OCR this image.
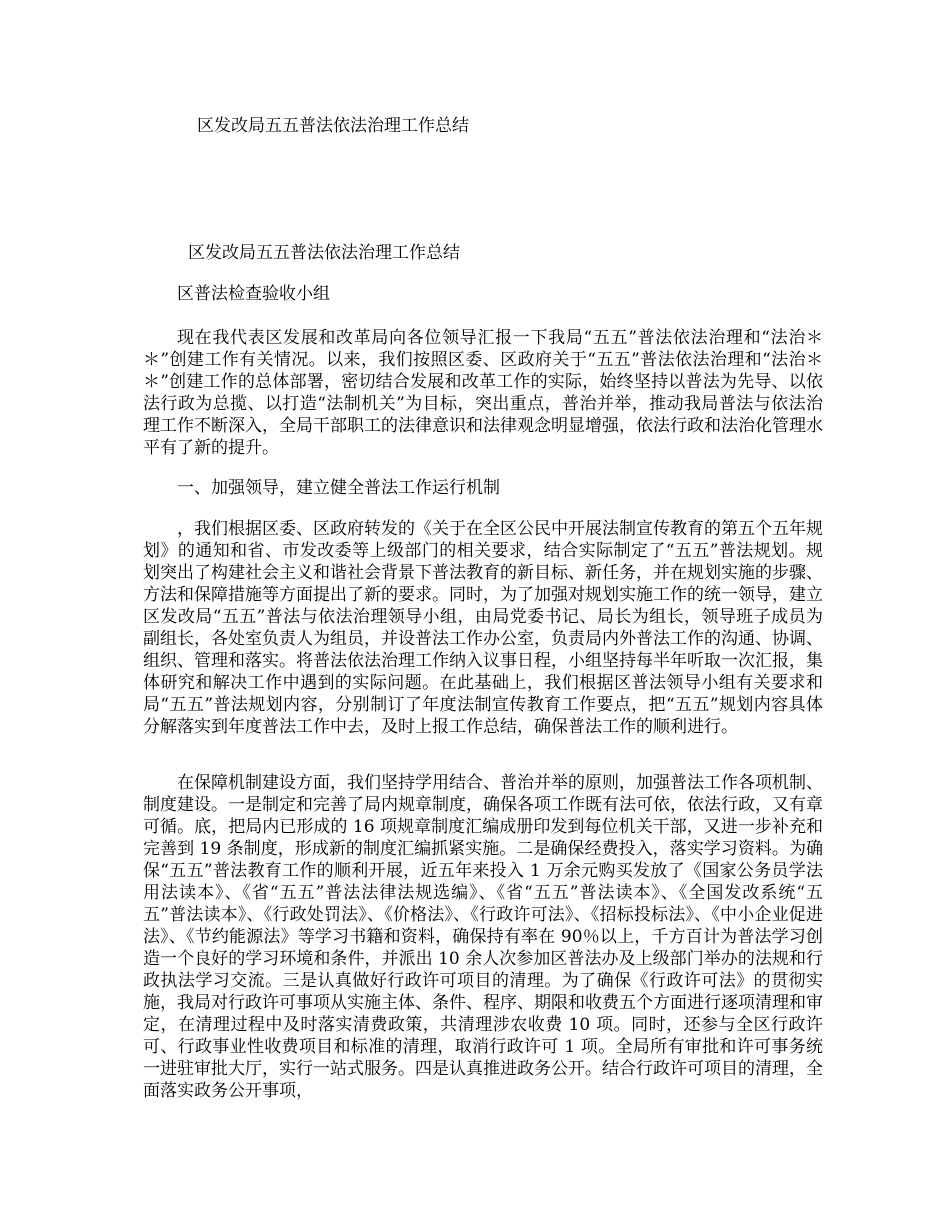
区发改局五五普法依法治理工作总结
区发改局五五普法依法治理工作总结
区普法检查验收小组

现在我代表区发展和改革局向各位领导汇报一下我局“五五”普法依法治理和“法治＊＊”创建工作有关情况。以来，我们按照区委、区政府关于“五五”普法依法治理和“法治＊＊”创建工作的总体部署，密切结合发展和改革工作的实际，始终坚持以普法为先导、以依法行政为总揽、以打造“法制机关”为目标，突出重点，普治并举，推动我局普法与依法治理工作不断深入，全局干部职工的法律意识和法律观念明显增强，依法行政和法治化管理水平有了新的提升。

一、加强领导，建立健全普法工作运行机制

，我们根据区委、区政府转发的《关于在全区公民中开展法制宣传教育的第五个五年规划》的通知和省、市发改委等上级部门的相关要求，结合实际制定了“五五”普法规划。规划突出了构建社会主义和谐社会背景下普法教育的新目标、新任务，并在规划实施的步骤、方法和保障措施等方面提出了新的要求。同时，为了加强对规划实施工作的统一领导，建立区发改局“五五”普法与依法治理领导小组，由局党委书记、局长为组长，领导班子成员为副组长，各处室负责人为组员，并设普法工作办公室，负责局内外普法工作的沟通、协调、组织、管理和落实。将普法依法治理工作纳入议事日程，小组坚持每半年听取一次汇报，集体研究和解决工作中遇到的实际问题。在此基础上，我们根据区普法领导小组有关要求和局“五五”普法规划内容，分别制订了年度法制宣传教育工作要点，把“五五”规划内容具体分解落实到年度普法工作中去，及时上报工作总结，确保普法工作的顺利进行。

在保障机制建设方面，我们坚持学用结合、普治并举的原则，加强普法工作各项机制、制度建设。一是制定和完善了局内规章制度，确保各项工作既有法可依，依法行政，又有章可循。底，把局内已形成的 16 项规章制度汇编成册印发到每位机关干部，又进一步补充和完善到 19 条制度，形成新的制度汇编抓紧实施。二是确保经费投入，落实学习资料。为确保“五五”普法教育工作的顺利开展，近五年来投入 1 万余元购买发放了《国家公务员学法用法读本》、《省“五五”普法法律法规选编》、《省“五五”普法读本》、《全国发改系统“五五”普法读本》、《行政处罚法》、《价格法》、《行政许可法》、《招标投标法》、《中小企业促进法》、《节约能源法》等学习书籍和资料，确保持有率在 90％以上，千方百计为普法学习创造一个良好的学习环境和条件，并派出 10 余人次参加区普法办及上级部门举办的法规和行政执法学习交流。三是认真做好行政许可项目的清理。为了确保《行政许可法》的贯彻实施，我局对行政许可事项从实施主体、条件、程序、期限和收费五个方面进行逐项清理和审定，在清理过程中及时落实清费政策，共清理涉农收费 10 项。同时，还参与全区行政许可、行政事业性收费项目和标准的清理，取消行政许可 1 项。全局所有审批和许可事务统一进驻审批大厅，实行一站式服务。四是认真推进政务公开。结合行政许可项目的清理，全面落实政务公开事项，
